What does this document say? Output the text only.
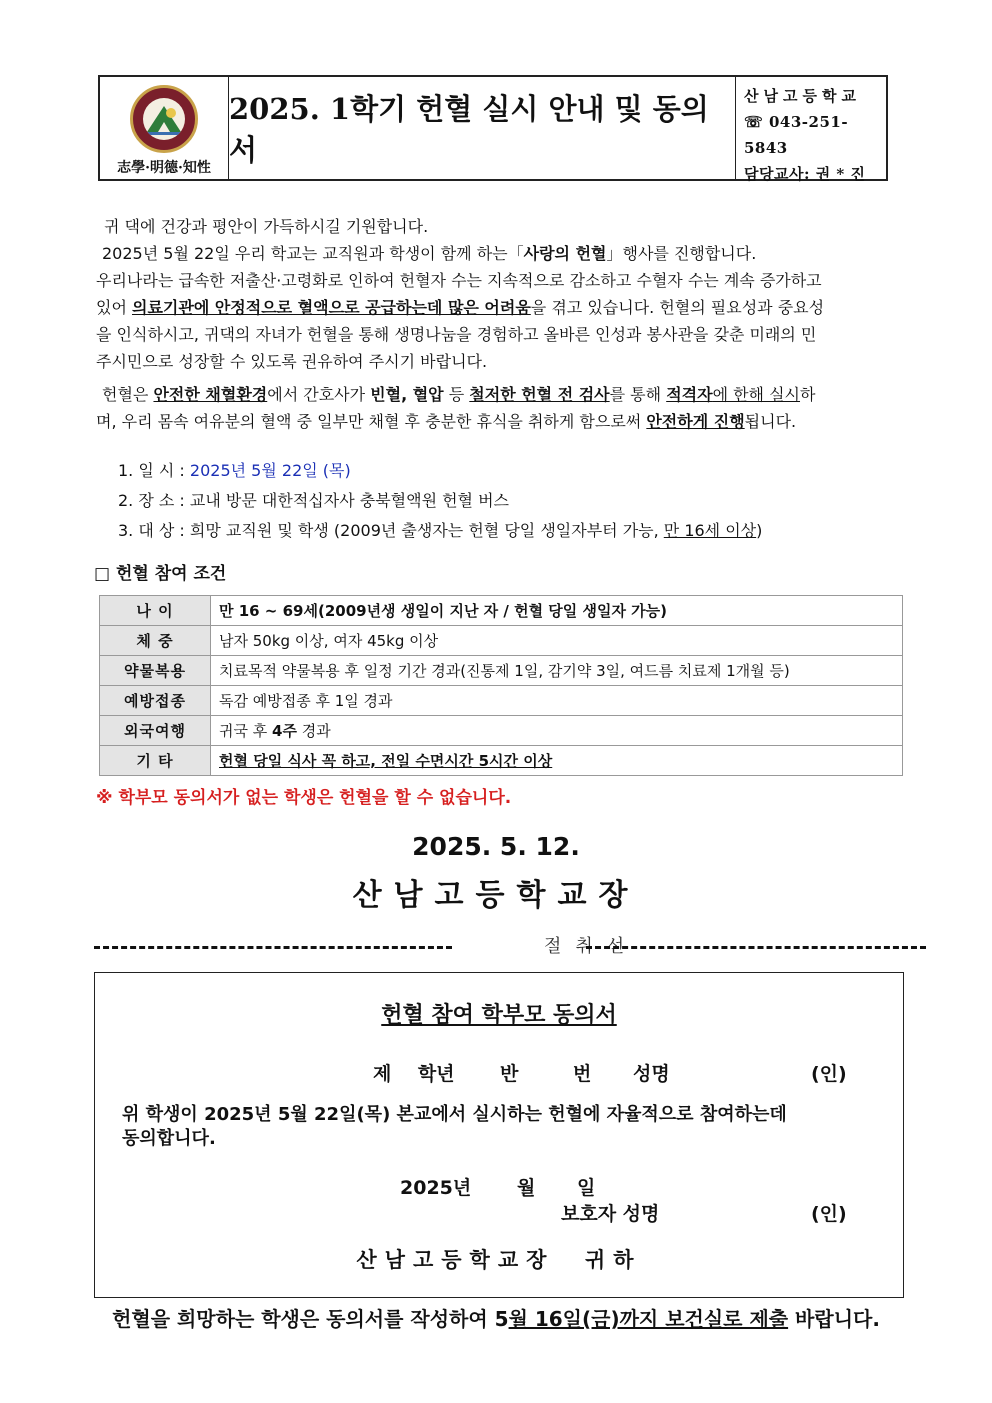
志學·明德·知性
2025. 1학기 헌혈 실시 안내 및 동의서
산남고등학교
☏ 043-251-5843
담당교사: 권 * 진
귀 댁에 건강과 평안이 가득하시길 기원합니다.
2025년 5월 22일 우리 학교는 교직원과 학생이 함께 하는「사랑의 헌혈」행사를 진행합니다.
우리나라는 급속한 저출산·고령화로 인하여 헌혈자 수는 지속적으로 감소하고 수혈자 수는 계속 증가하고
있어 의료기관에 안정적으로 혈액으로 공급하는데 많은 어려움을 겪고 있습니다. 헌혈의 필요성과 중요성
을 인식하시고, 귀댁의 자녀가 헌혈을 통해 생명나눔을 경험하고 올바른 인성과 봉사관을 갖춘 미래의 민
주시민으로 성장할 수 있도록 권유하여 주시기 바랍니다.
헌혈은 안전한 채혈환경에서 간호사가 빈혈, 혈압 등 철저한 헌혈 전 검사를 통해 적격자에 한해 실시하
며, 우리 몸속 여유분의 혈액 중 일부만 채혈 후 충분한 휴식을 취하게 함으로써 안전하게 진행됩니다.
1. 일 시 : 2025년 5월 22일 (목)
2. 장 소 : 교내 방문 대한적십자사 충북혈액원 헌혈 버스
3. 대 상 : 희망 교직원 및 학생 (2009년 출생자는 헌혈 당일 생일자부터 가능, 만 16세 이상)
□ 헌혈 참여 조건
나 이	만 16 ~ 69세(2009년생 생일이 지난 자 / 헌혈 당일 생일자 가능)
체 중	남자 50kg 이상, 여자 45kg 이상
약물복용	치료목적 약물복용 후 일정 기간 경과(진통제 1일, 감기약 3일, 여드름 치료제 1개월 등)
예방접종	독감 예방접종 후 1일 경과
외국여행	귀국 후 4주 경과
기 타	헌혈 당일 식사 꼭 하고, 전일 수면시간 5시간 이상
※ 학부모 동의서가 없는 학생은 헌혈을 할 수 없습니다.
2025. 5. 12.
산남고등학교장
절취선
헌혈 참여 학부모 동의서
제    학년 반	번 성명	(인)
위 학생이 2025년 5월 22일(목) 본교에서 실시하는 헌혈에 자율적으로 참여하는데
동의합니다.
2025년 월 일
보호자 성명	(인)
산남고등학교장  귀하
헌혈을 희망하는 학생은 동의서를 작성하여 5월 16일(금)까지 보건실로 제출 바랍니다.
